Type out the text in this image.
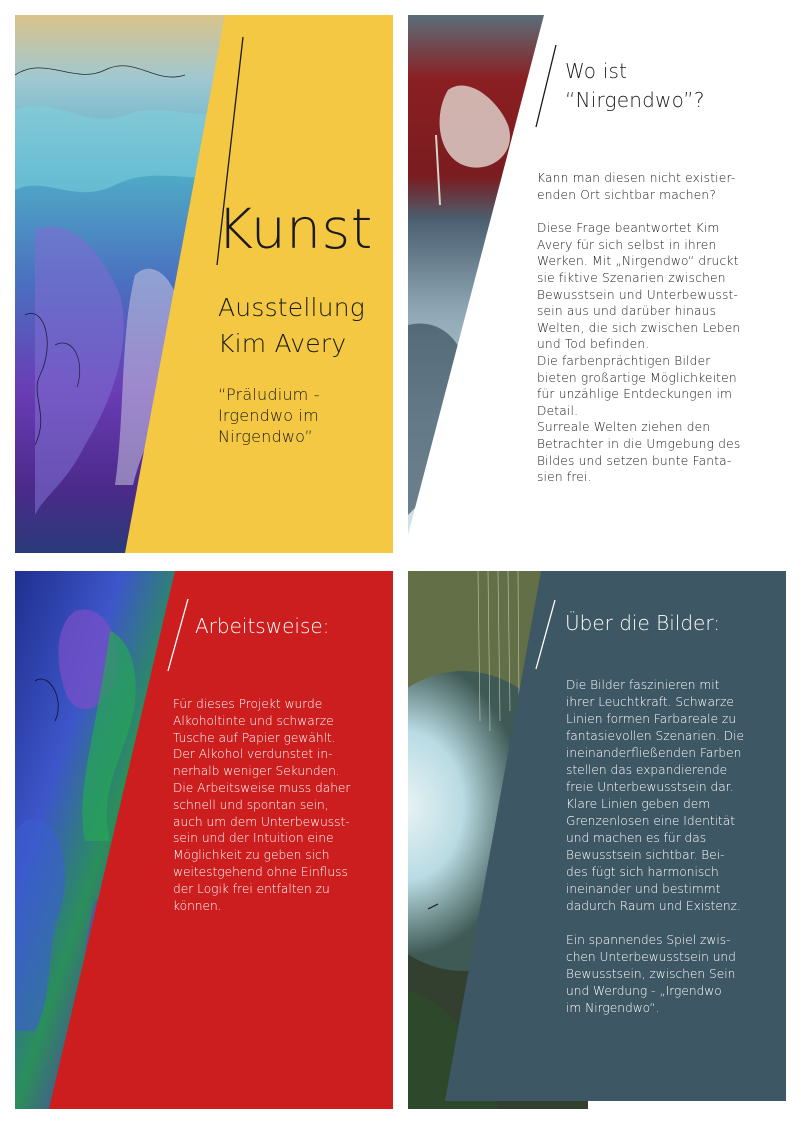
Kunst
Ausstellung
Kim Avery
“Präludium -
Irgendwo im
Nirgendwo”
Wo ist
“Nirgendwo”?
Kann man diesen nicht existier-
enden Ort sichtbar machen?
Diese Frage beantwortet Kim
Avery für sich selbst in ihren
Werken. Mit „Nirgendwo“ druckt
sie fiktive Szenarien zwischen
Bewusstsein und Unterbewusst-
sein aus und darüber hinaus
Welten, die sich zwischen Leben
und Tod befinden.
Die farbenprächtigen Bilder
bieten großartige Möglichkeiten
für unzählige Entdeckungen im
Detail.
Surreale Welten ziehen den
Betrachter in die Umgebung des
Bildes und setzen bunte Fanta-
sien frei.
Arbeitsweise:
Für dieses Projekt wurde
Alkoholtinte und schwarze
Tusche auf Papier gewählt.
Der Alkohol verdunstet in-
nerhalb weniger Sekunden.
Die Arbeitsweise muss daher
schnell und spontan sein,
auch um dem Unterbewusst-
sein und der Intuition eine
Möglichkeit zu geben sich
weitestgehend ohne Einfluss
der Logik frei entfalten zu
können.
Über die Bilder:
Die Bilder faszinieren mit
ihrer Leuchtkraft. Schwarze
Linien formen Farbareale zu
fantasievollen Szenarien. Die
ineinanderfließenden Farben
stellen das expandierende
freie Unterbewusstsein dar.
Klare Linien geben dem
Grenzenlosen eine Identität
und machen es für das
Bewusstsein sichtbar. Bei-
des fügt sich harmonisch
ineinander und bestimmt
dadurch Raum und Existenz.
Ein spannendes Spiel zwis-
chen Unterbewusstsein und
Bewusstsein, zwischen Sein
und Werdung - „Irgendwo
im Nirgendwo“.
